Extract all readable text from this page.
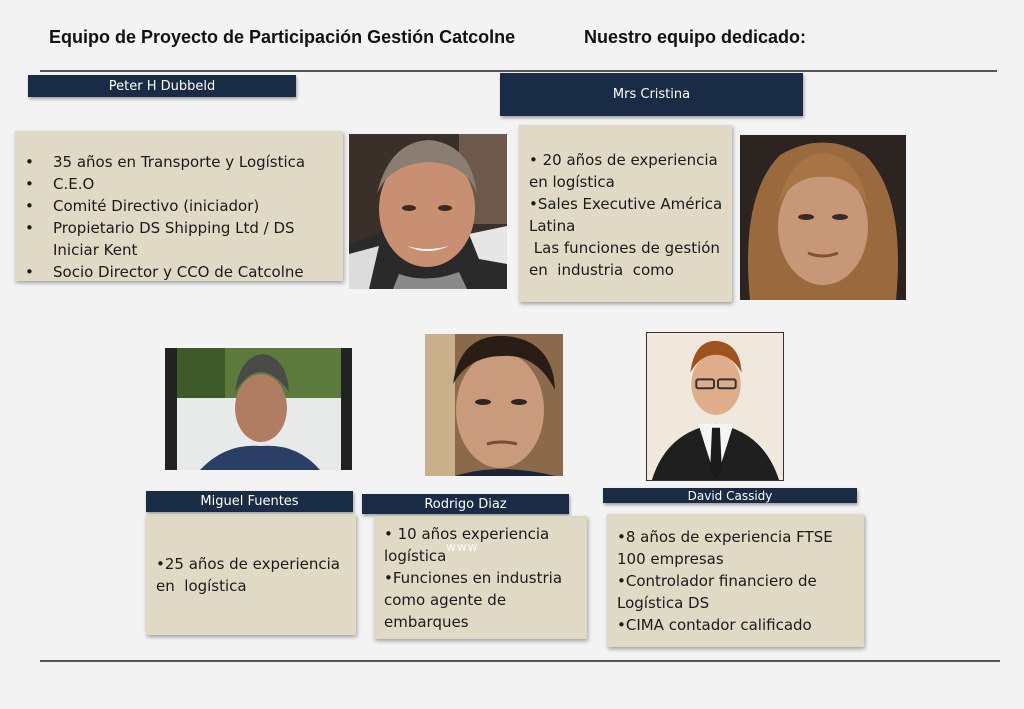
Equipo de Proyecto de Participación Gestión Catcolne	Nuestro equipo dedicado:
Peter H Dubbeld
• 35 años en Transporte y Logística
• C.E.O
• Comité Directivo (iniciador)
• Propietario DS Shipping Ltd / DS Iniciar Kent
• Socio Director y CCO de Catcolne
Mrs Cristina
• 20 años de experiencia
en logística
•Sales Executive América
Latina
Las funciones de gestión
en  industria  como
Miguel Fuentes
•25 años de experiencia
en  logística
Rodrigo Diaz
• 10 años experiencia
logística
•Funciones en industria
como agente de
embarques
www
David Cassidy
•8 años de experiencia FTSE
100 empresas
•Controlador financiero de
Logística DS
•CIMA contador calificado
